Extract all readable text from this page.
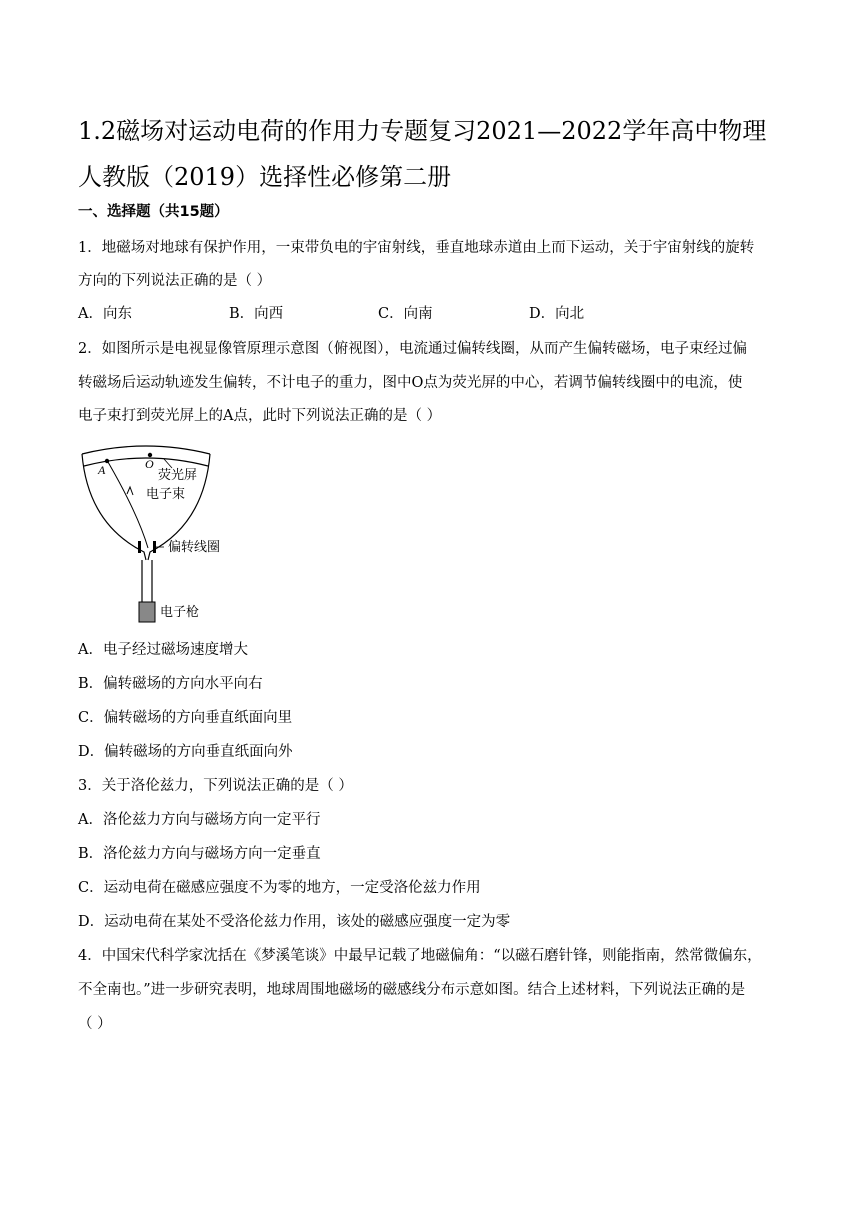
1.2磁场对运动电荷的作用力专题复习2021—2022学年高中物理人教版（2019）选择性必修第二册
一、选择题（共15题）
1．地磁场对地球有保护作用，一束带负电的宇宙射线，垂直地球赤道由上而下运动，关于宇宙射线的旋转
方向的下列说法正确的是（ ）
A．向东	B．向西	C．向南	D．向北
2．如图所示是电视显像管原理示意图（俯视图），电流通过偏转线圈，从而产生偏转磁场，电子束经过偏
转磁场后运动轨迹发生偏转，不计电子的重力，图中O点为荧光屏的中心，若调节偏转线圈中的电流，使
电子束打到荧光屏上的A点，此时下列说法正确的是（ ）
A	O
荧光屏
电子束
偏转线圈
电子枪
A．电子经过磁场速度增大
B．偏转磁场的方向水平向右
C．偏转磁场的方向垂直纸面向里
D．偏转磁场的方向垂直纸面向外
3．关于洛伦兹力，下列说法正确的是（ ）
A．洛伦兹力方向与磁场方向一定平行
B．洛伦兹力方向与磁场方向一定垂直
C．运动电荷在磁感应强度不为零的地方，一定受洛伦兹力作用
D．运动电荷在某处不受洛伦兹力作用，该处的磁感应强度一定为零
4．中国宋代科学家沈括在《梦溪笔谈》中最早记载了地磁偏角：“以磁石磨针锋，则能指南，然常微偏东，
不全南也。”进一步研究表明，地球周围地磁场的磁感线分布示意如图。结合上述材料，下列说法正确的是
（ ）
